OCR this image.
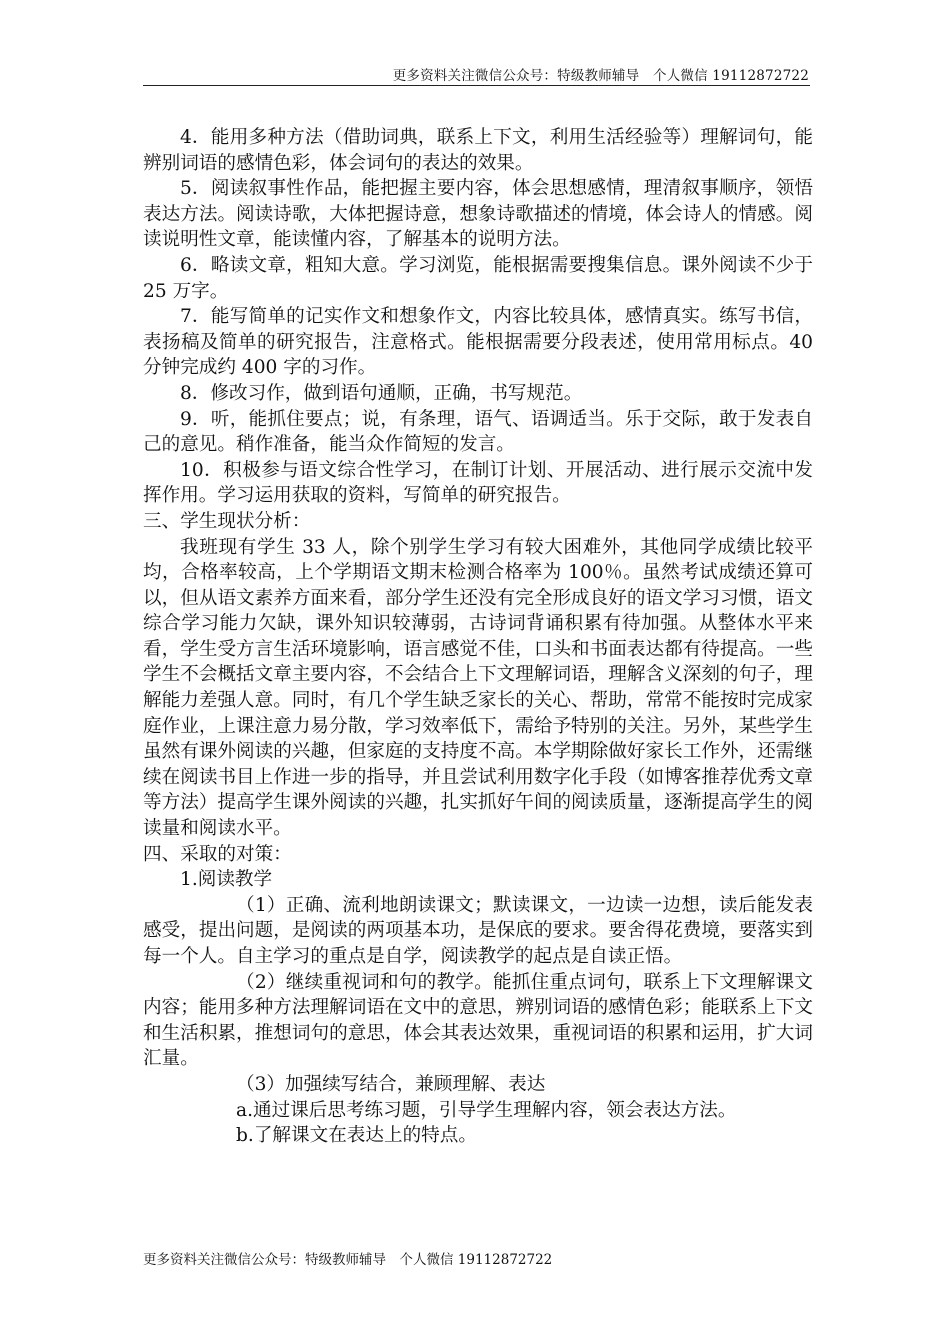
更多资料关注微信公众号：特级教师辅导　个人微信 19112872722

4．能用多种方法（借助词典，联系上下文，利用生活经验等）理解词句，能辨别词语的感情色彩，体会词句的表达的效果。

5．阅读叙事性作品，能把握主要内容，体会思想感情，理清叙事顺序，领悟表达方法。阅读诗歌，大体把握诗意，想象诗歌描述的情境，体会诗人的情感。阅读说明性文章，能读懂内容，了解基本的说明方法。

6．略读文章，粗知大意。学习浏览，能根据需要搜集信息。课外阅读不少于 25 万字。

7．能写简单的记实作文和想象作文，内容比较具体，感情真实。练写书信，表扬稿及简单的研究报告，注意格式。能根据需要分段表述，使用常用标点。40 分钟完成约 400 字的习作。

8．修改习作，做到语句通顺，正确，书写规范。

9．听，能抓住要点；说，有条理，语气、语调适当。乐于交际，敢于发表自己的意见。稍作准备，能当众作简短的发言。

10．积极参与语文综合性学习，在制订计划、开展活动、进行展示交流中发挥作用。学习运用获取的资料，写简单的研究报告。

三、学生现状分析：

我班现有学生 33 人，除个别学生学习有较大困难外，其他同学成绩比较平均，合格率较高，上个学期语文期末检测合格率为 100％。虽然考试成绩还算可以，但从语文素养方面来看，部分学生还没有完全形成良好的语文学习习惯，语文综合学习能力欠缺，课外知识较薄弱，古诗词背诵积累有待加强。从整体水平来看，学生受方言生活环境影响，语言感觉不佳，口头和书面表达都有待提高。一些学生不会概括文章主要内容，不会结合上下文理解词语，理解含义深刻的句子，理解能力差强人意。同时，有几个学生缺乏家长的关心、帮助，常常不能按时完成家庭作业，上课注意力易分散，学习效率低下，需给予特别的关注。另外，某些学生虽然有课外阅读的兴趣，但家庭的支持度不高。本学期除做好家长工作外，还需继续在阅读书目上作进一步的指导，并且尝试利用数字化手段（如博客推荐优秀文章等方法）提高学生课外阅读的兴趣，扎实抓好午间的阅读质量，逐渐提高学生的阅读量和阅读水平。

四、采取的对策：

1.阅读教学

（1）正确、流利地朗读课文；默读课文，一边读一边想，读后能发表感受，提出问题，是阅读的两项基本功，是保底的要求。要舍得花费境，要落实到每一个人。自主学习的重点是自学，阅读教学的起点是自读正悟。

（2）继续重视词和句的教学。能抓住重点词句，联系上下文理解课文内容；能用多种方法理解词语在文中的意思，辨别词语的感情色彩；能联系上下文和生活积累，推想词句的意思，体会其表达效果，重视词语的积累和运用，扩大词汇量。

（3）加强续写结合，兼顾理解、表达

a.通过课后思考练习题，引导学生理解内容，领会表达方法。

b.了解课文在表达上的特点。

更多资料关注微信公众号：特级教师辅导　个人微信 19112872722
